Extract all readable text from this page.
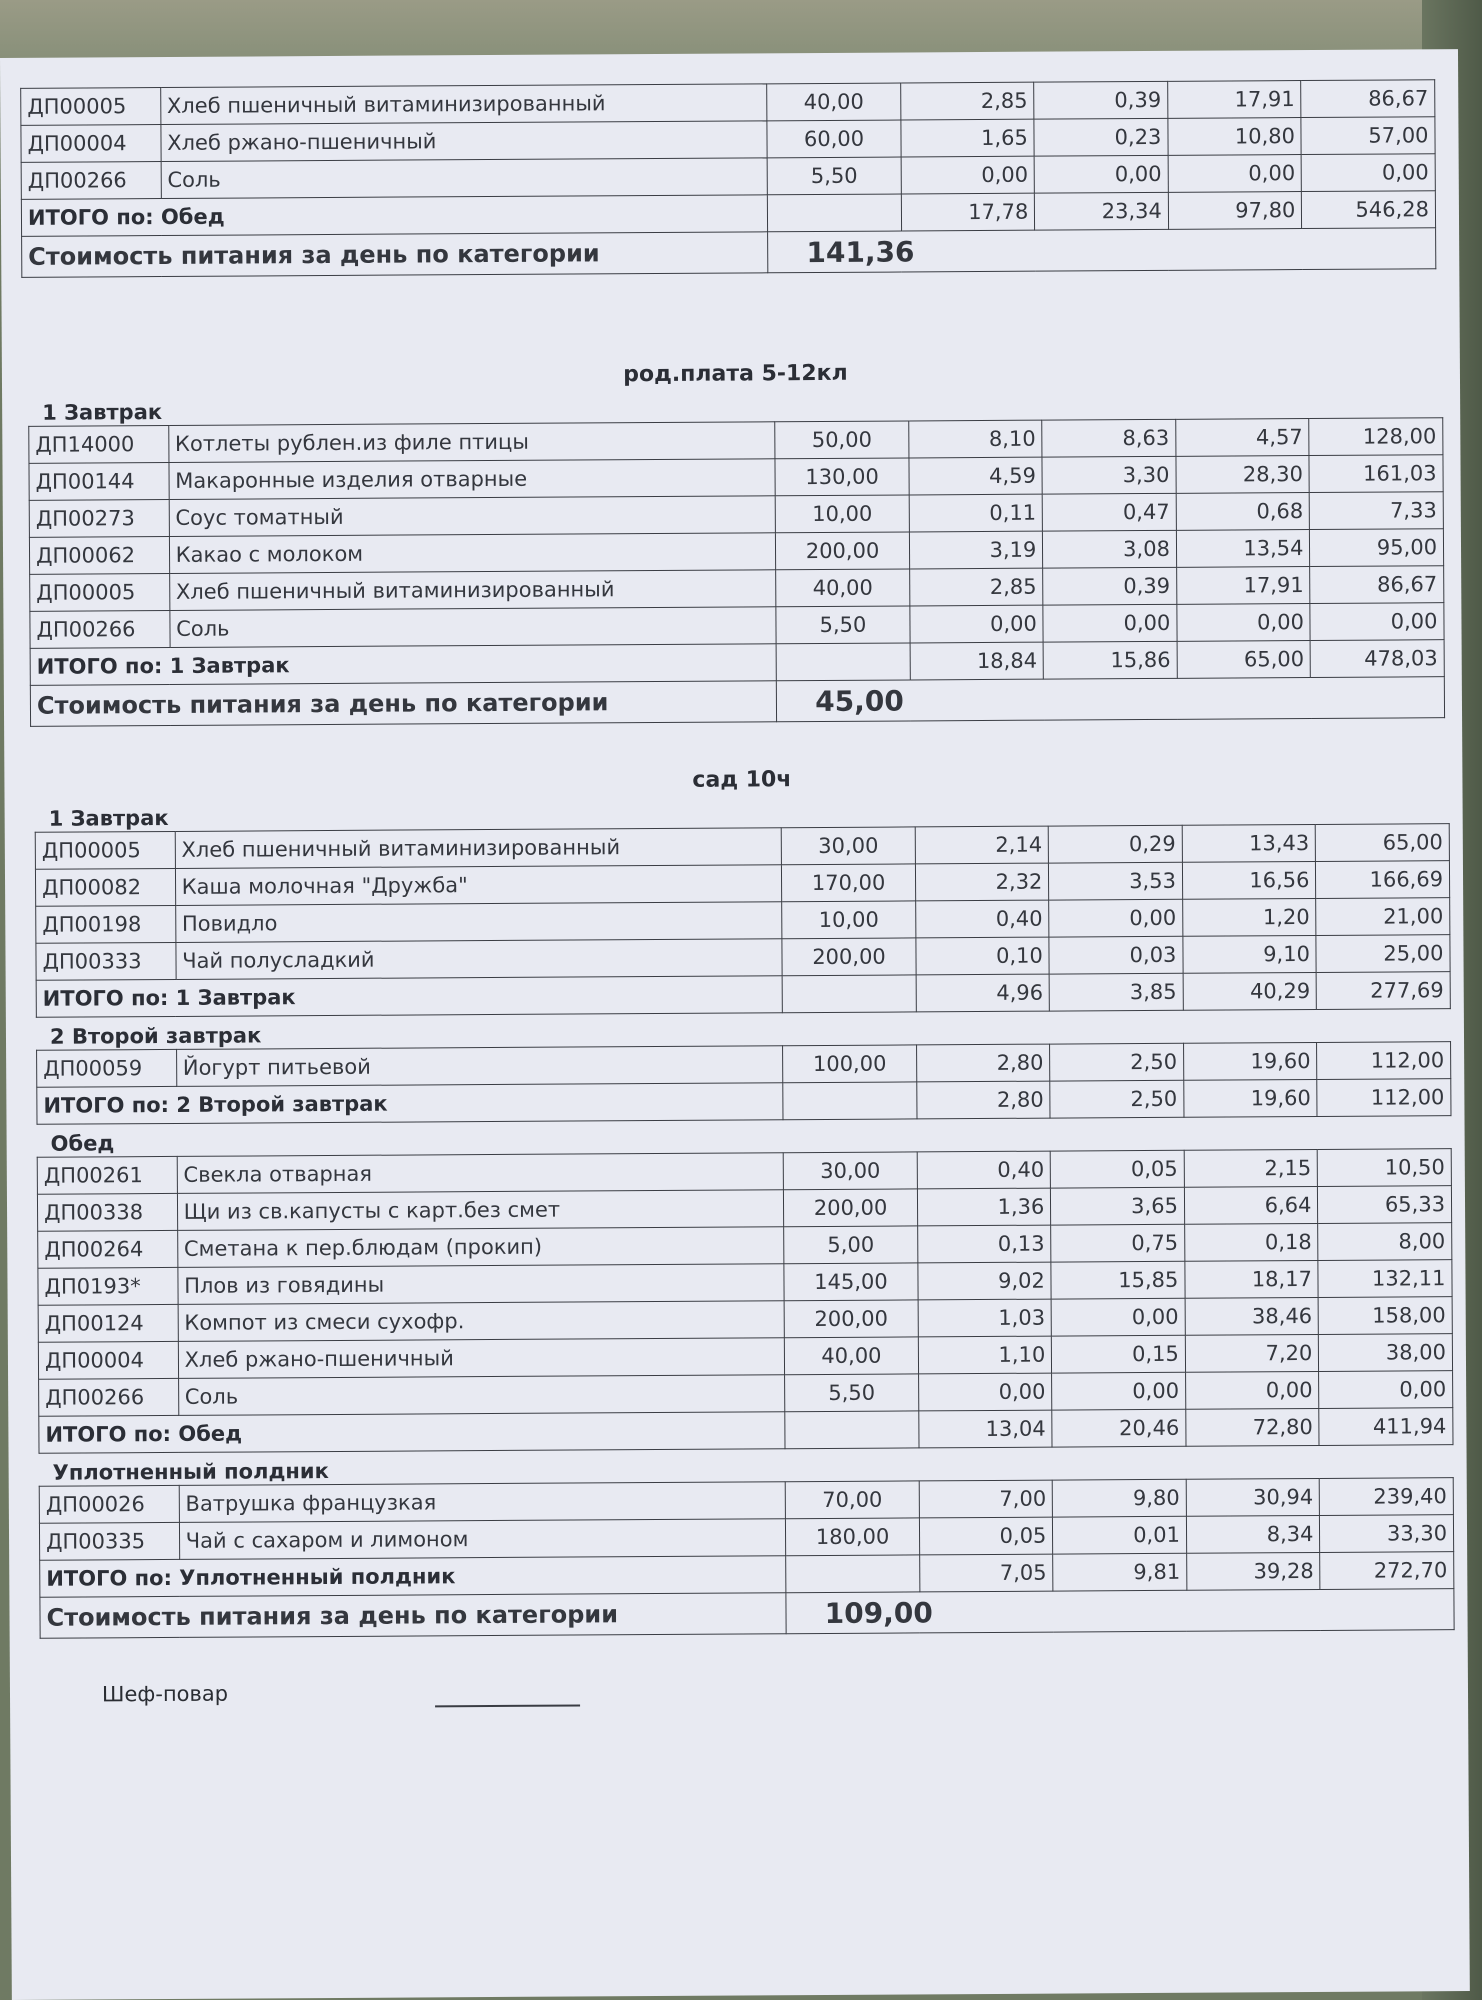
ДП00005	Хлеб пшеничный витаминизированный	40,00	2,85	0,39	17,91	86,67
ДП00004	Хлеб ржано-пшеничный	60,00	1,65	0,23	10,80	57,00
ДП00266	Соль	5,50	0,00	0,00	0,00	0,00
ИТОГО по: Обед			17,78	23,34	97,80	546,28
Стоимость питания за день по категории		141,36				
род.плата 5-12кл
1 Завтрак
ДП14000	Котлеты рублен.из филе птицы	50,00	8,10	8,63	4,57	128,00
ДП00144	Макаронные изделия отварные	130,00	4,59	3,30	28,30	161,03
ДП00273	Соус томатный	10,00	0,11	0,47	0,68	7,33
ДП00062	Какао с молоком	200,00	3,19	3,08	13,54	95,00
ДП00005	Хлеб пшеничный витаминизированный	40,00	2,85	0,39	17,91	86,67
ДП00266	Соль	5,50	0,00	0,00	0,00	0,00
ИТОГО по: 1 Завтрак			18,84	15,86	65,00	478,03
Стоимость питания за день по категории		45,00				
сад 10ч
1 Завтрак
ДП00005	Хлеб пшеничный витаминизированный	30,00	2,14	0,29	13,43	65,00
ДП00082	Каша молочная "Дружба"	170,00	2,32	3,53	16,56	166,69
ДП00198	Повидло	10,00	0,40	0,00	1,20	21,00
ДП00333	Чай полусладкий	200,00	0,10	0,03	9,10	25,00
ИТОГО по: 1 Завтрак			4,96	3,85	40,29	277,69
2 Второй завтрак
ДП00059	Йогурт питьевой	100,00	2,80	2,50	19,60	112,00
ИТОГО по: 2 Второй завтрак			2,80	2,50	19,60	112,00
Обед
ДП00261	Свекла отварная	30,00	0,40	0,05	2,15	10,50
ДП00338	Щи из св.капусты с карт.без смет	200,00	1,36	3,65	6,64	65,33
ДП00264	Сметана к пер.блюдам (прокип)	5,00	0,13	0,75	0,18	8,00
ДП0193*	Плов из говядины	145,00	9,02	15,85	18,17	132,11
ДП00124	Компот из смеси сухофр.	200,00	1,03	0,00	38,46	158,00
ДП00004	Хлеб ржано-пшеничный	40,00	1,10	0,15	7,20	38,00
ДП00266	Соль	5,50	0,00	0,00	0,00	0,00
ИТОГО по: Обед			13,04	20,46	72,80	411,94
Уплотненный полдник
ДП00026	Ватрушка французкая	70,00	7,00	9,80	30,94	239,40
ДП00335	Чай с сахаром и лимоном	180,00	0,05	0,01	8,34	33,30
ИТОГО по: Уплотненный полдник			7,05	9,81	39,28	272,70
Стоимость питания за день по категории		109,00				
Шеф-повар
